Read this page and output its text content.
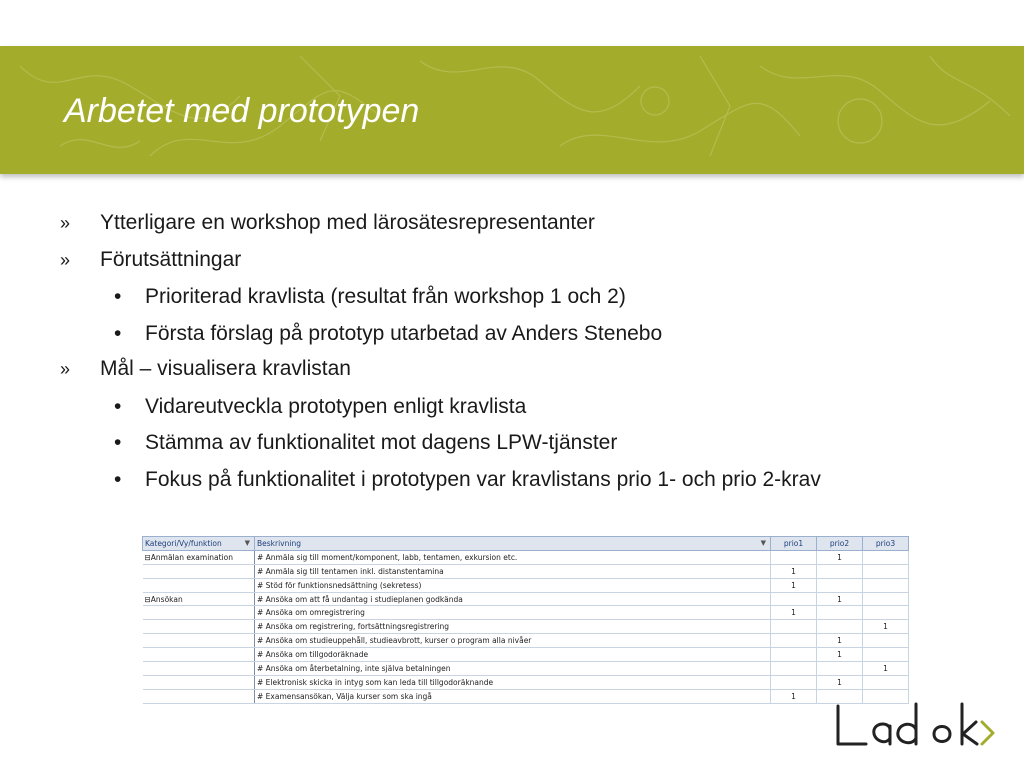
Arbetet med prototypen
» Ytterligare en workshop med lärosätesrepresentanter
» Förutsättningar
• Prioriterad kravlista (resultat från workshop 1 och 2)
• Första förslag på prototyp utarbetad av Anders Stenebo
» Mål – visualisera kravlistan
• Vidareutveckla prototypen enligt kravlista
• Stämma av funktionalitet mot dagens LPW-tjänster
• Fokus på funktionalitet i prototypen var kravlistans prio 1- och prio 2-krav
Kategori/Vy/funktion ▼	Beskrivning ▼	prio1	prio2	prio3
⊟Anmälan examination	# Anmäla sig till moment/komponent, labb, tentamen, exkursion etc.		1	
	# Anmäla sig till tentamen inkl. distanstentamina	1		
	# Stöd för funktionsnedsättning (sekretess)	1		
⊟Ansökan	# Ansöka om att få undantag i studieplanen godkända		1	
	# Ansöka om omregistrering	1		
	# Ansöka om registrering, fortsättningsregistrering			1
	# Ansöka om studieuppehåll, studieavbrott, kurser o program alla nivåer		1	
	# Ansöka om tillgodoräknade		1	
	# Ansöka om återbetalning, inte själva betalningen			1
	# Elektronisk skicka in intyg som kan leda till tillgodoräknande		1	
	# Examensansökan, Välja kurser som ska ingå	1		
